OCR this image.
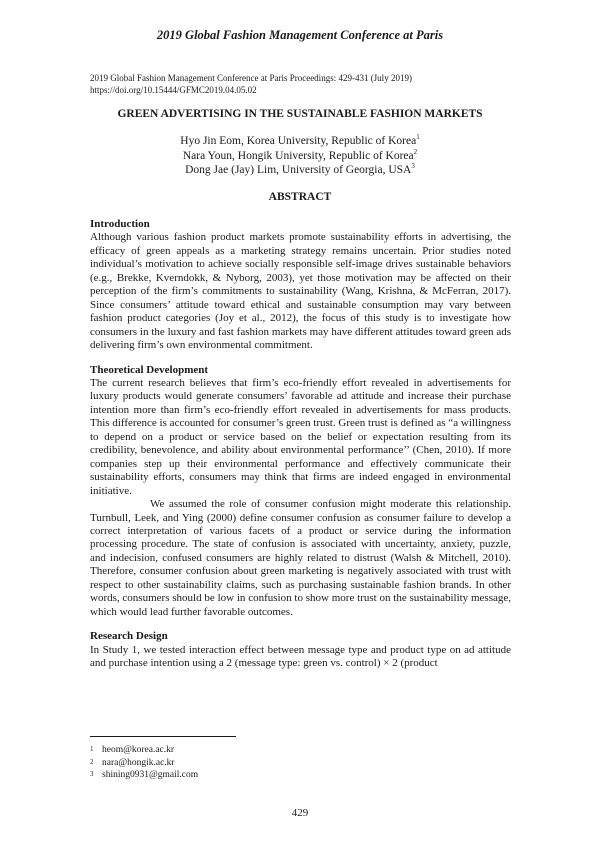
2019 Global Fashion Management Conference at Paris
2019 Global Fashion Management Conference at Paris Proceedings: 429-431 (July 2019)
https://doi.org/10.15444/GFMC2019.04.05.02
GREEN ADVERTISING IN THE SUSTAINABLE FASHION MARKETS
Hyo Jin Eom, Korea University, Republic of Korea$^1$
Nara Youn, Hongik University, Republic of Korea$^2$
Dong Jae (Jay) Lim, University of Georgia, USA$^3$
ABSTRACT

Introduction

Although various fashion product markets promote sustainability efforts in advertising, the efficacy of green appeals as a marketing strategy remains uncertain. Prior studies noted individual’s motivation to achieve socially responsible self-image drives sustainable behaviors (e.g., Brekke, Kverndokk, & Nyborg, 2003), yet those motivation may be affected on their perception of the firm’s commitments to sustainability (Wang, Krishna, & McFerran, 2017). Since consumers’ attitude toward ethical and sustainable consumption may vary between fashion product categories (Joy et al., 2012), the focus of this study is to investigate how consumers in the luxury and fast fashion markets may have different attitudes toward green ads delivering firm’s own environmental commitment.

Theoretical Development

The current research believes that firm’s eco-friendly effort revealed in advertisements for luxury products would generate consumers’ favorable ad attitude and increase their purchase intention more than firm’s eco-friendly effort revealed in advertisements for mass products. This difference is accounted for consumer’s green trust. Green trust is defined as “a willingness to depend on a product or service based on the belief or expectation resulting from its credibility, benevolence, and ability about environmental performance’’ (Chen, 2010). If more companies step up their environmental performance and effectively communicate their sustainability efforts, consumers may think that firms are indeed engaged in environmental initiative.

We assumed the role of consumer confusion might moderate this relationship. Turnbull, Leek, and Ying (2000) define consumer confusion as consumer failure to develop a correct interpretation of various facets of a product or service during the information processing procedure. The state of confusion is associated with uncertainty, anxiety, puzzle, and indecision, confused consumers are highly related to distrust (Walsh & Mitchell, 2010). Therefore, consumer confusion about green marketing is negatively associated with trust with respect to other sustainability claims, such as purchasing sustainable fashion brands. In other words, consumers should be low in confusion to show more trust on the sustainability message, which would lead further favorable outcomes.

Research Design

In Study 1, we tested interaction effect between message type and product type on ad attitude and purchase intention using a 2 (message type: green vs. control) × 2 (product

1 heom@korea.ac.kr
2 nara@hongik.ac.kr
3 shining0931@gmail.com
429
